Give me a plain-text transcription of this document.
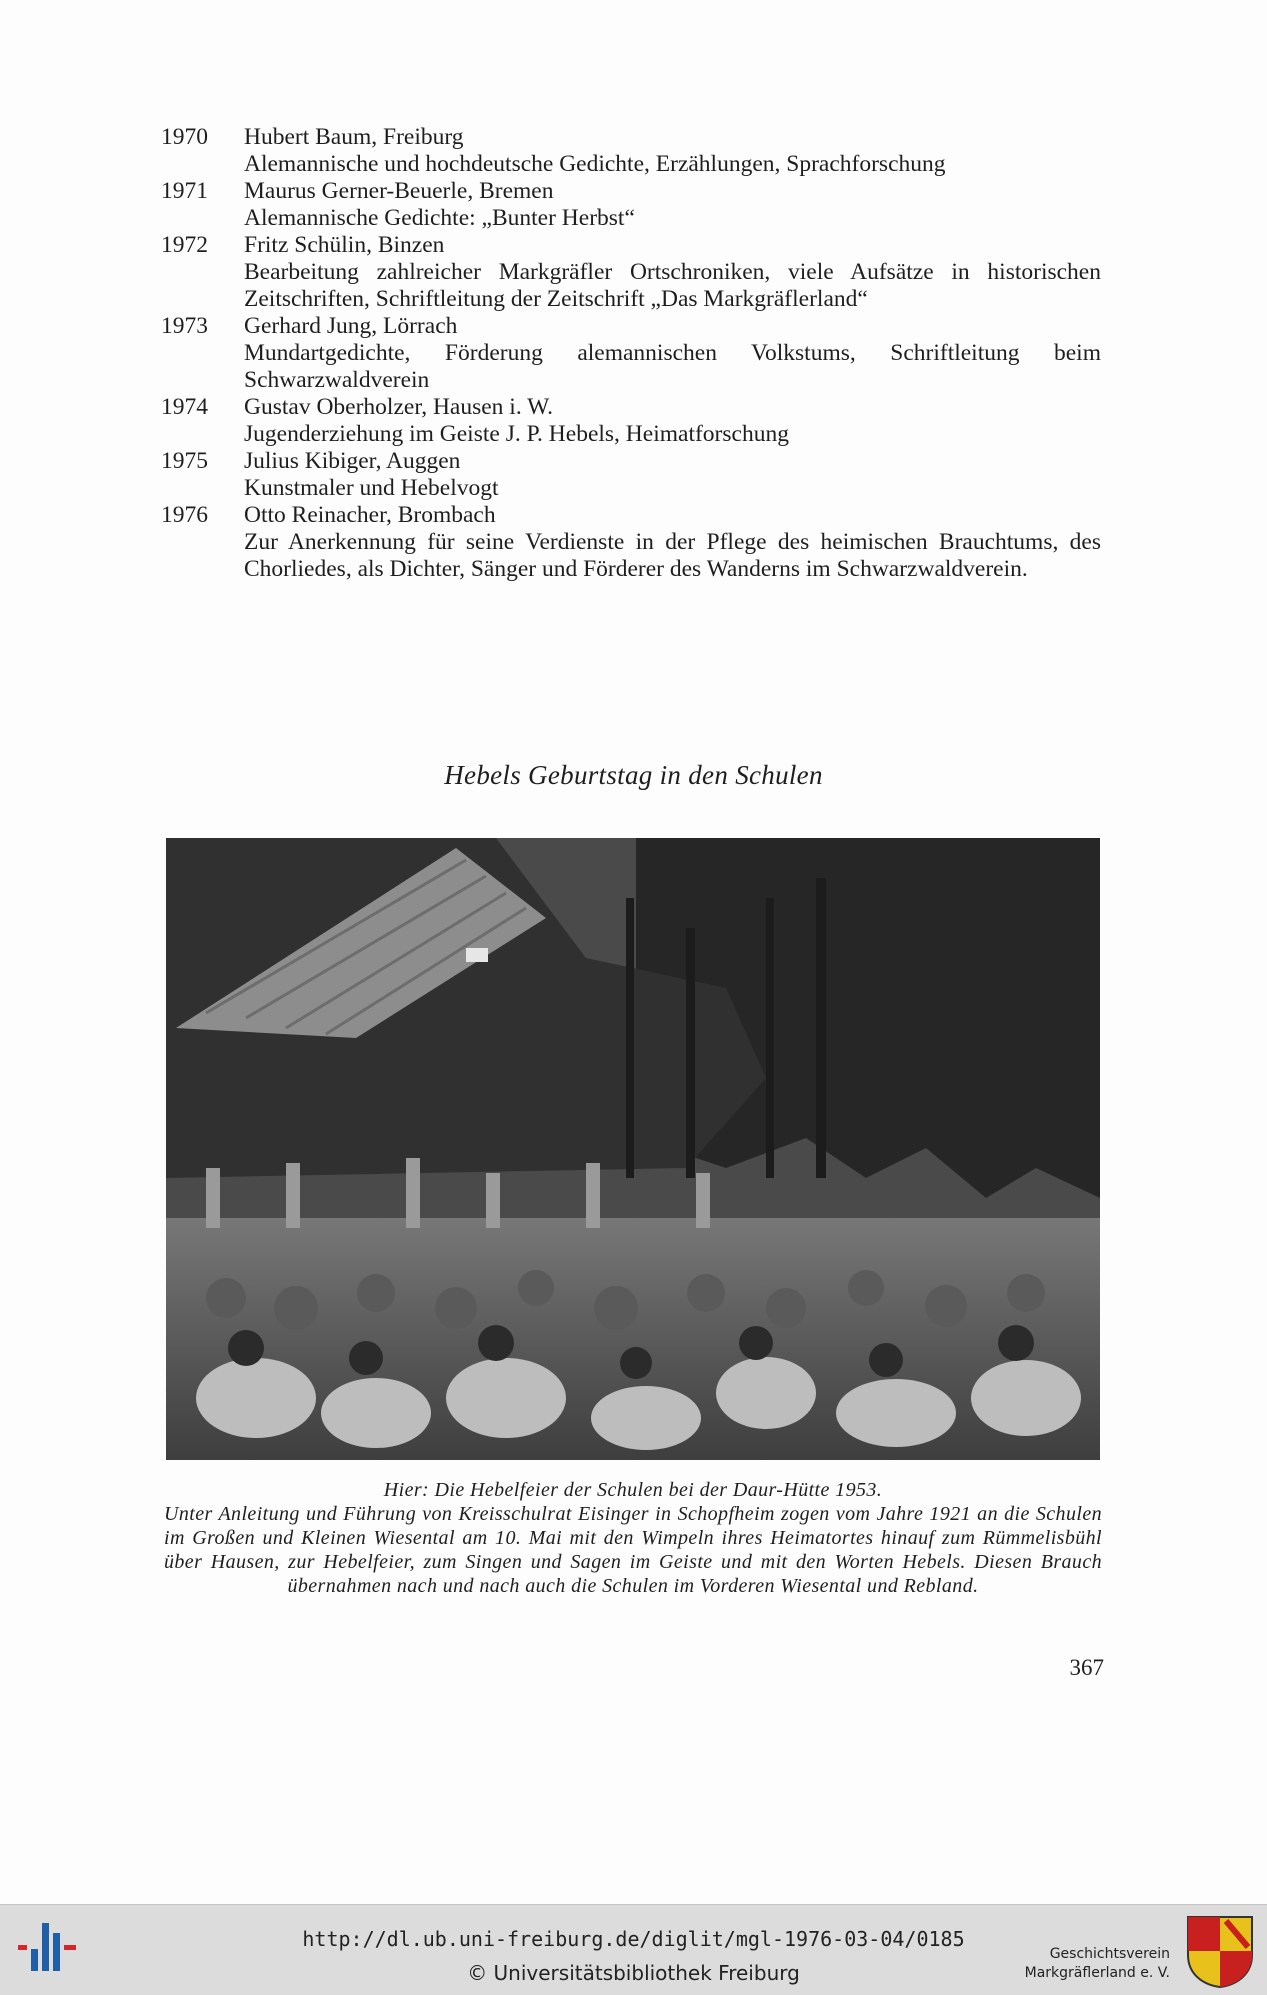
1970	Hubert Baum, Freiburg
Alemannische und hochdeutsche Gedichte, Erzählungen, Sprachforschung
1971	Maurus Gerner-Beuerle, Bremen
Alemannische Gedichte: „Bunter Herbst“
1972	Fritz Schülin, Binzen
Bearbeitung zahlreicher Markgräfler Ortschroniken, viele Aufsätze in historischen Zeitschriften, Schriftleitung der Zeitschrift „Das Markgräflerland“
1973	Gerhard Jung, Lörrach
Mundartgedichte, Förderung alemannischen Volkstums, Schriftleitung beim Schwarzwaldverein
1974	Gustav Oberholzer, Hausen i. W.
Jugenderziehung im Geiste J. P. Hebels, Heimatforschung
1975	Julius Kibiger, Auggen
Kunstmaler und Hebelvogt
1976	Otto Reinacher, Brombach
Zur Anerkennung für seine Verdienste in der Pflege des heimischen Brauchtums, des Chorliedes, als Dichter, Sänger und Förderer des Wanderns im Schwarzwaldverein.
Hebels Geburtstag in den Schulen
Hier: Die Hebelfeier der Schulen bei der Daur-Hütte 1953.
Unter Anleitung und Führung von Kreisschulrat Eisinger in Schopfheim zogen vom Jahre 1921 an die Schulen im Großen und Kleinen Wiesental am 10. Mai mit den Wimpeln ihres Heimatortes hinauf zum Rümmelisbühl über Hausen, zur Hebelfeier, zum Singen und Sagen im Geiste und mit den Worten Hebels. Diesen Brauch übernahmen nach und nach auch die Schulen im Vorderen Wiesental und Rebland.
367
http://dl.ub.uni-freiburg.de/diglit/mgl-1976-03-04/0185
© Universitätsbibliothek Freiburg
Geschichtsverein
Markgräflerland e. V.
